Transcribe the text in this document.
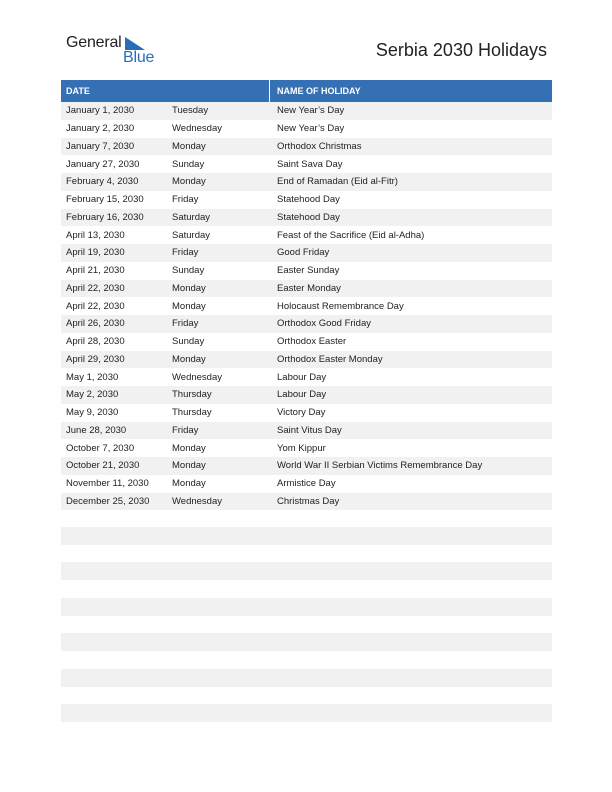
General
Blue	Serbia 2030 Holidays
DATE	NAME OF HOLIDAY
January 1, 2030	Tuesday	New Year’s Day
January 2, 2030	Wednesday	New Year’s Day
January 7, 2030	Monday	Orthodox Christmas
January 27, 2030	Sunday	Saint Sava Day
February 4, 2030	Monday	End of Ramadan (Eid al-Fitr)
February 15, 2030	Friday	Statehood Day
February 16, 2030	Saturday	Statehood Day
April 13, 2030	Saturday	Feast of the Sacrifice (Eid al-Adha)
April 19, 2030	Friday	Good Friday
April 21, 2030	Sunday	Easter Sunday
April 22, 2030	Monday	Easter Monday
April 22, 2030	Monday	Holocaust Remembrance Day
April 26, 2030	Friday	Orthodox Good Friday
April 28, 2030	Sunday	Orthodox Easter
April 29, 2030	Monday	Orthodox Easter Monday
May 1, 2030	Wednesday	Labour Day
May 2, 2030	Thursday	Labour Day
May 9, 2030	Thursday	Victory Day
June 28, 2030	Friday	Saint Vitus Day
October 7, 2030	Monday	Yom Kippur
October 21, 2030	Monday	World War II Serbian Victims Remembrance Day
November 11, 2030	Monday	Armistice Day
December 25, 2030	Wednesday	Christmas Day
